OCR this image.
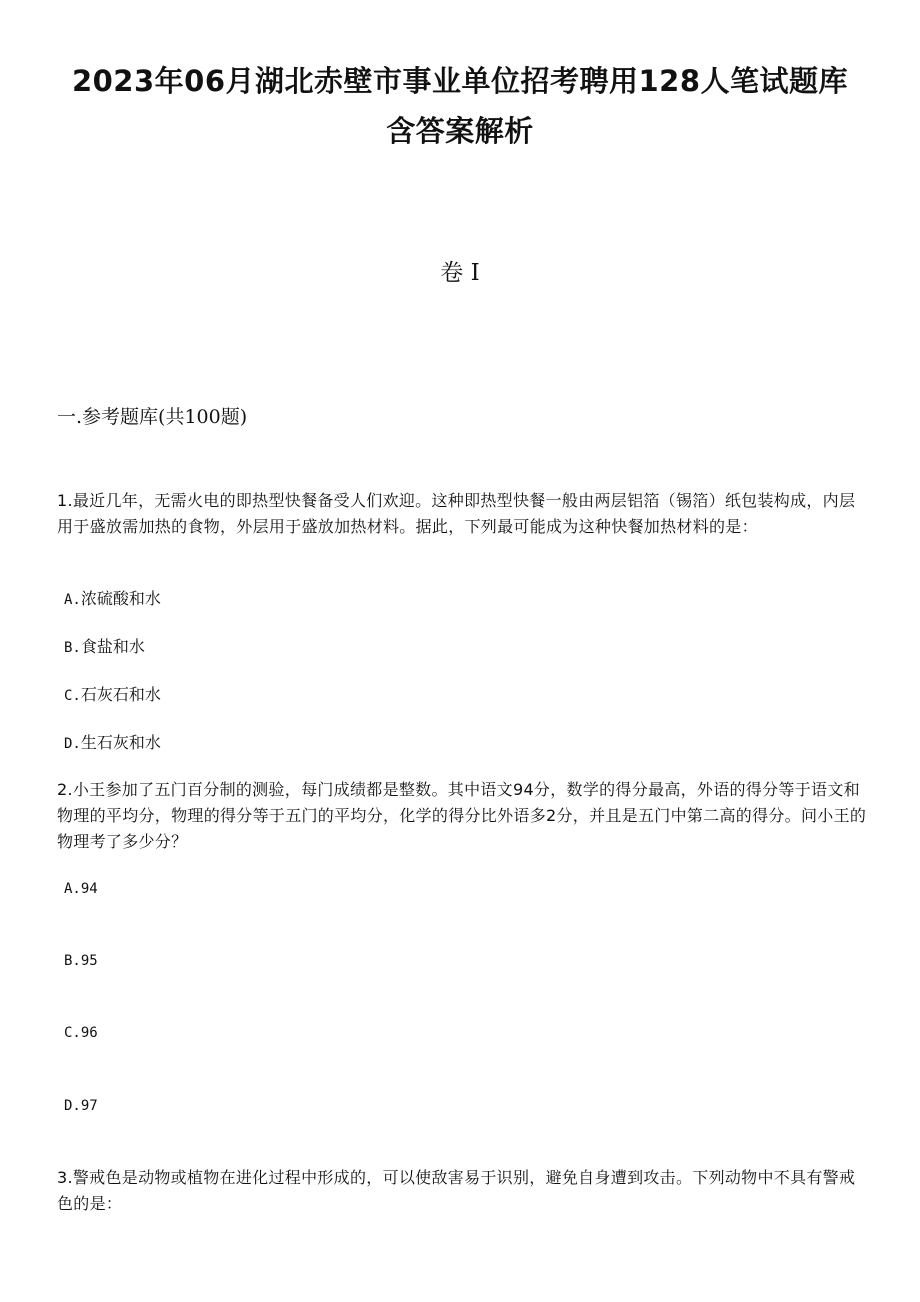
2023年06月湖北赤壁市事业单位招考聘用128人笔试题库
含答案解析
卷 I
一.参考题库(共100题)
1.最近几年，无需火电的即热型快餐备受人们欢迎。这种即热型快餐一般由两层铝箔（锡箔）纸包装构成，内层用于盛放需加热的食物，外层用于盛放加热材料。据此，下列最可能成为这种快餐加热材料的是：
A.浓硫酸和水
B.食盐和水
C.石灰石和水
D.生石灰和水
2.小王参加了五门百分制的测验，每门成绩都是整数。其中语文94分，数学的得分最高，外语的得分等于语文和物理的平均分，物理的得分等于五门的平均分，化学的得分比外语多2分，并且是五门中第二高的得分。问小王的物理考了多少分？
A.94
B.95
C.96
D.97
3.警戒色是动物或植物在进化过程中形成的，可以使敌害易于识别，避免自身遭到攻击。下列动物中不具有警戒色的是：
